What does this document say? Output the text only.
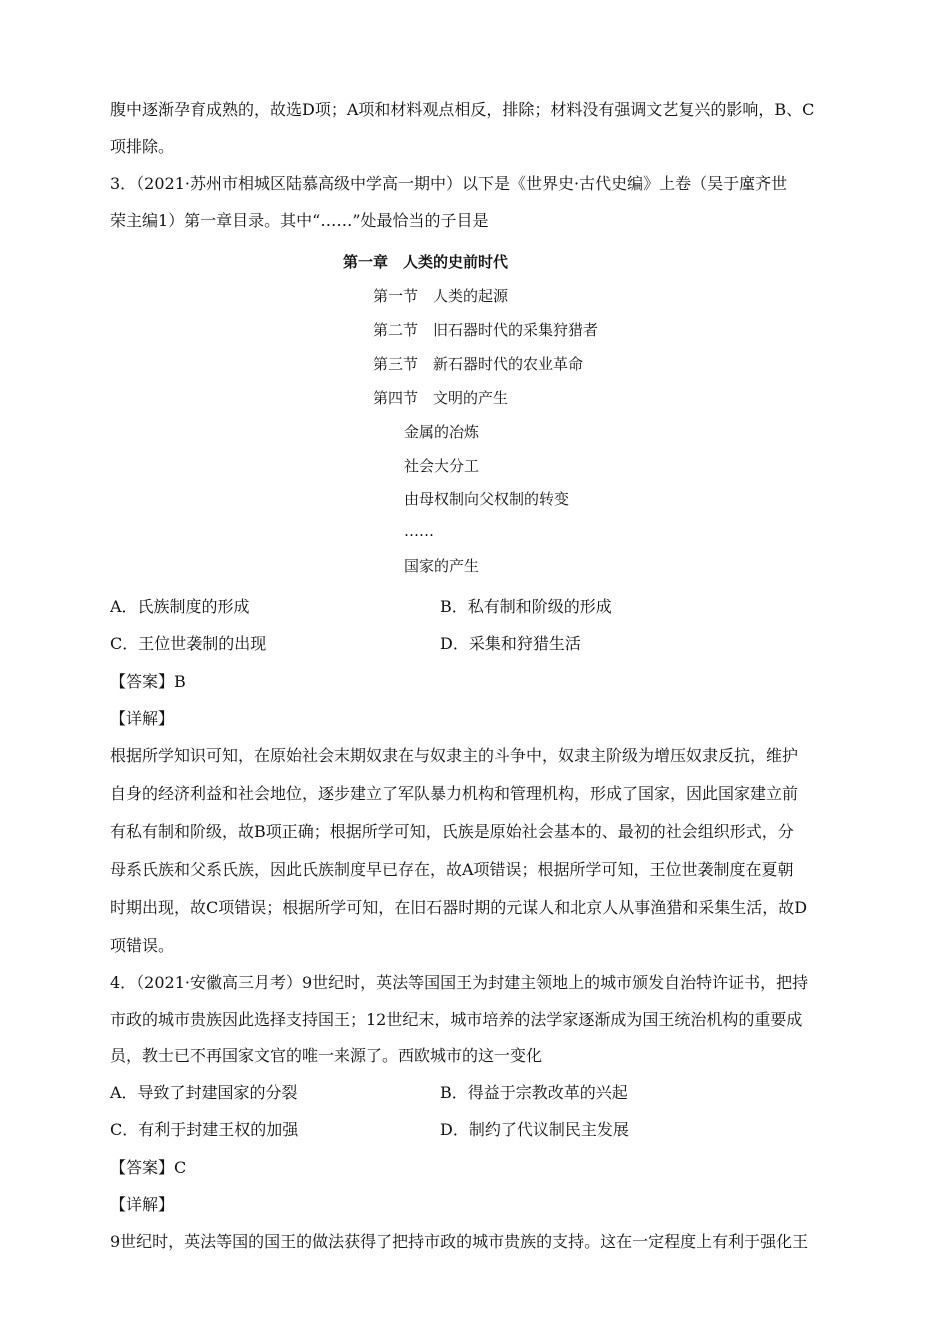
腹中逐渐孕育成熟的，故选D项；A项和材料观点相反，排除；材料没有强调文艺复兴的影响，B、C
项排除。
3．（2021·苏州市相城区陆慕高级中学高一期中）以下是《世界史·古代史编》上卷（吴于廑齐世
荣主编1）第一章目录。其中“……”处最恰当的子目是
第一章　人类的史前时代
第一节　人类的起源
第二节　旧石器时代的采集狩猎者
第三节　新石器时代的农业革命
第四节　文明的产生
金属的冶炼
社会大分工
由母权制向父权制的转变
……
国家的产生
A．氏族制度的形成	B．私有制和阶级的形成
C．王位世袭制的出现	D．采集和狩猎生活
【答案】B
【详解】
根据所学知识可知，在原始社会末期奴隶在与奴隶主的斗争中，奴隶主阶级为增压奴隶反抗，维护
自身的经济利益和社会地位，逐步建立了军队暴力机构和管理机构，形成了国家，因此国家建立前
有私有制和阶级，故B项正确；根据所学可知，氏族是原始社会基本的、最初的社会组织形式，分
母系氏族和父系氏族，因此氏族制度早已存在，故A项错误；根据所学可知，王位世袭制度在夏朝
时期出现，故C项错误；根据所学可知，在旧石器时期的元谋人和北京人从事渔猎和采集生活，故D
项错误。
4．（2021·安徽高三月考）9世纪时，英法等国国王为封建主领地上的城市颁发自治特许证书，把持
市政的城市贵族因此选择支持国王；12世纪末，城市培养的法学家逐渐成为国王统治机构的重要成
员，教士已不再国家文官的唯一来源了。西欧城市的这一变化
A．导致了封建国家的分裂	B．得益于宗教改革的兴起
C．有利于封建王权的加强	D．制约了代议制民主发展
【答案】C
【详解】
9世纪时，英法等国的国王的做法获得了把持市政的城市贵族的支持。这在一定程度上有利于强化王
